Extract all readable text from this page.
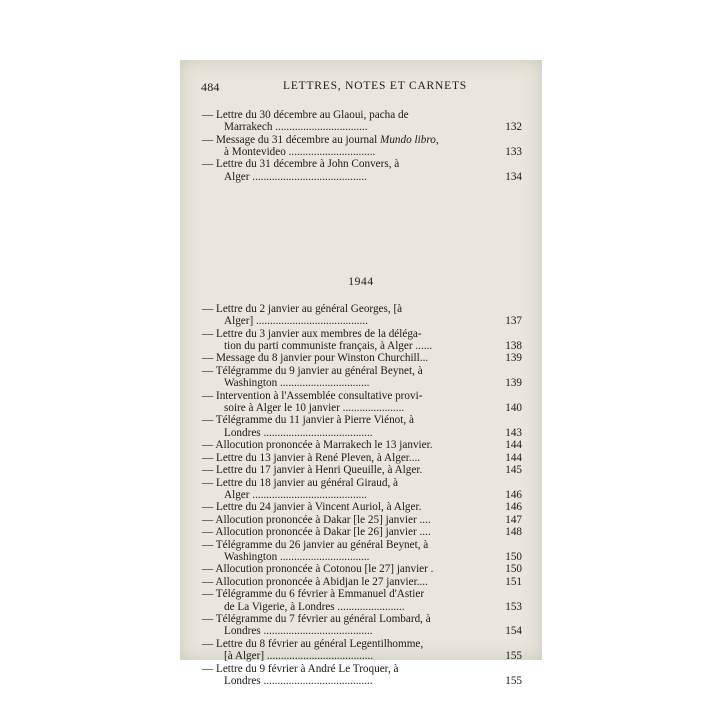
484	LETTRES, NOTES ET CARNETS
— Lettre du 30 décembre au Glaoui, pacha de
Marrakech .................................	132
— Message du 31 décembre au journal Mundo libro,
à Montevideo ...............................	133
— Lettre du 31 décembre à John Convers, à
Alger .........................................	134
1944
— Lettre du 2 janvier au général Georges, [à
Alger] ........................................	137
— Lettre du 3 janvier aux membres de la déléga-
tion du parti communiste français, à Alger ......	138
— Message du 8 janvier pour Winston Churchill...	139
— Télégramme du 9 janvier au général Beynet, à
Washington ................................	139
— Intervention à l'Assemblée consultative provi-
soire à Alger le 10 janvier ......................	140
— Télégramme du 11 janvier à Pierre Viénot, à
Londres .......................................	143
— Allocution prononcée à Marrakech le 13 janvier.	144
— Lettre du 13 janvier à René Pleven, à Alger....	144
— Lettre du 17 janvier à Henri Queuille, à Alger.	145
— Lettre du 18 janvier au général Giraud, à
Alger .........................................	146
— Lettre du 24 janvier à Vincent Auriol, à Alger.	146
— Allocution prononcée à Dakar [le 25] janvier ....	147
— Allocution prononcée à Dakar [le 26] janvier ....	148
— Télégramme du 26 janvier au général Beynet, à
Washington ................................	150
— Allocution prononcée à Cotonou [le 27] janvier .	150
— Allocution prononcée à Abidjan le 27 janvier....	151
— Télégramme du 6 février à Emmanuel d'Astier
de La Vigerie, à Londres ........................	153
— Télégramme du 7 février au général Lombard, à
Londres .......................................	154
— Lettre du 8 février au général Legentilhomme,
[à Alger] ......................................	155
— Lettre du 9 février à André Le Troquer, à
Londres .......................................	155
